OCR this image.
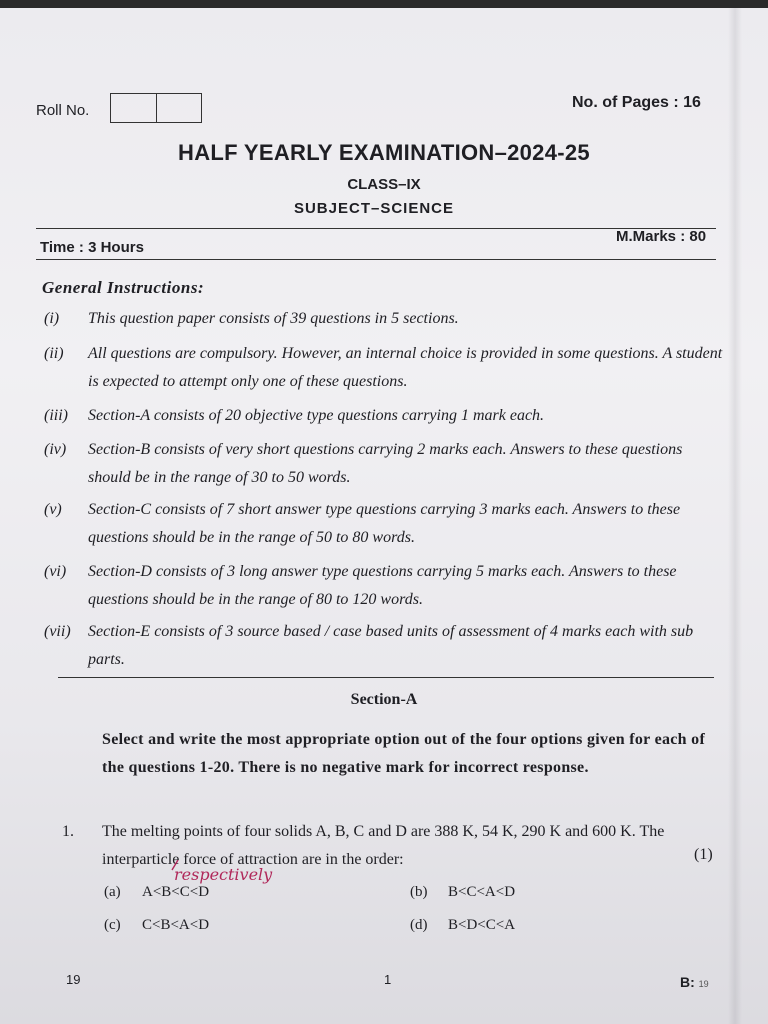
Roll No.	No. of Pages : 16

HALF YEARLY EXAMINATION–2024-25

CLASS–IX

SUBJECT–SCIENCE

Time : 3 Hours

M.Marks : 80

General Instructions:

(i) This question paper consists of 39 questions in 5 sections.
(ii) All questions are compulsory. However, an internal choice is provided in some questions. A student is expected to attempt only one of these questions.
(iii) Section-A consists of 20 objective type questions carrying 1 mark each.
(iv) Section-B consists of very short questions carrying 2 marks each. Answers to these questions should be in the range of 30 to 50 words.
(v) Section-C consists of 7 short answer type questions carrying 3 marks each. Answers to these questions should be in the range of 50 to 80 words.
(vi) Section-D consists of 3 long answer type questions carrying 5 marks each. Answers to these questions should be in the range of 80 to 120 words.
(vii) Section-E consists of 3 source based / case based units of assessment of 4 marks each with sub parts.

Section-A

Select and write the most appropriate option out of the four options given for each of the questions 1-20. There is no negative mark for incorrect response.

1. The melting points of four solids A, B, C and D are 388 K, 54 K, 290 K and 600 K. The interparticle force of attraction are in the order:	(1)

respectively
(a) A<B<C<D	(b) B<C<A<D
(c) C<B<A<D	(d) B<D<C<A

19	1	B: 19
